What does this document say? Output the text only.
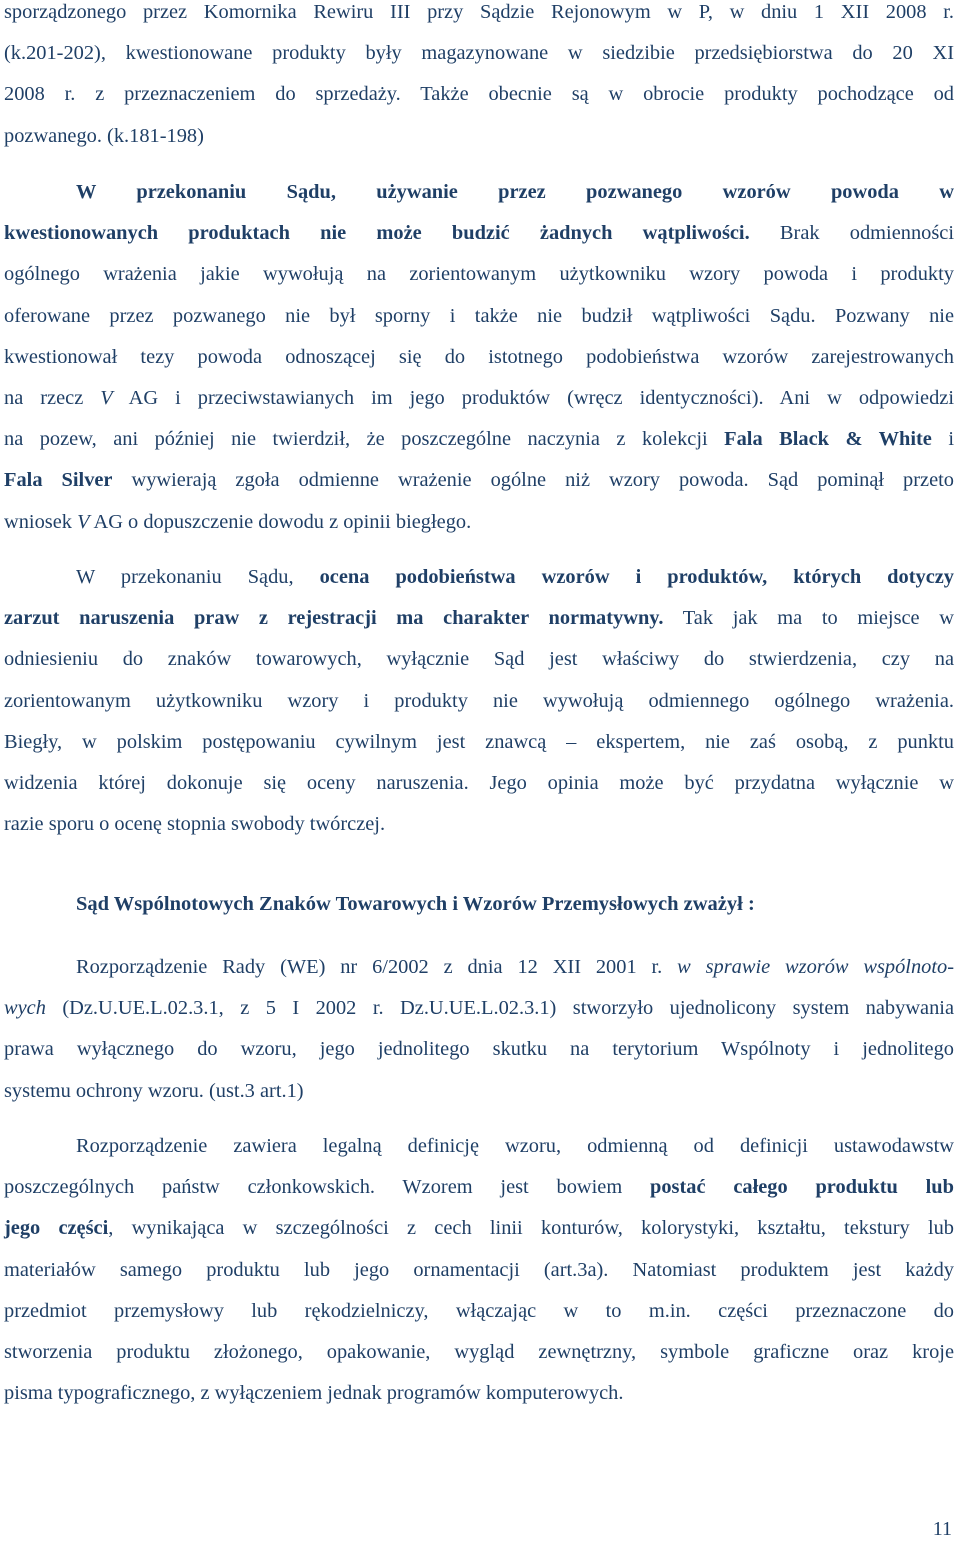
sporządzonego przez Komornika Rewiru III przy Sądzie Rejonowym w P, w dniu 1 XII 2008 r.
(k.201-202), kwestionowane produkty były magazynowane w siedzibie przedsiębiorstwa do 20 XI
2008 r. z przeznaczeniem do sprzedaży. Także obecnie są w obrocie produkty pochodzące od
pozwanego. (k.181-198)
W przekonaniu Sądu, używanie przez pozwanego wzorów powoda w
kwestionowanych produktach nie może budzić żadnych wątpliwości. Brak odmienności
ogólnego wrażenia jakie wywołują na zorientowanym użytkowniku wzory powoda i produkty
oferowane przez pozwanego nie był sporny i także nie budził wątpliwości Sądu. Pozwany nie
kwestionował tezy powoda odnoszącej się do istotnego podobieństwa wzorów zarejestrowanych
na rzecz V AG i przeciwstawianych im jego produktów (wręcz identyczności). Ani w odpowiedzi
na pozew, ani później nie twierdził, że poszczególne naczynia z kolekcji Fala Black & White i
Fala Silver wywierają zgoła odmienne wrażenie ogólne niż wzory powoda. Sąd pominął przeto
wniosek V AG o dopuszczenie dowodu z opinii biegłego.
W przekonaniu Sądu, ocena podobieństwa wzorów i produktów, których dotyczy
zarzut naruszenia praw z rejestracji ma charakter normatywny. Tak jak ma to miejsce w
odniesieniu do znaków towarowych, wyłącznie Sąd jest właściwy do stwierdzenia, czy na
zorientowanym użytkowniku wzory i produkty nie wywołują odmiennego ogólnego wrażenia.
Biegły, w polskim postępowaniu cywilnym jest znawcą – ekspertem, nie zaś osobą, z punktu
widzenia której dokonuje się oceny naruszenia. Jego opinia może być przydatna wyłącznie w
razie sporu o ocenę stopnia swobody twórczej.
Sąd Wspólnotowych Znaków Towarowych i Wzorów Przemysłowych zważył :
Rozporządzenie Rady (WE) nr 6/2002 z dnia 12 XII 2001 r. w sprawie wzorów wspólnoto-
wych (Dz.U.UE.L.02.3.1, z 5 I 2002 r. Dz.U.UE.L.02.3.1) stworzyło ujednolicony system nabywania
prawa wyłącznego do wzoru, jego jednolitego skutku na terytorium Wspólnoty i jednolitego
systemu ochrony wzoru. (ust.3 art.1)
Rozporządzenie zawiera legalną definicję wzoru, odmienną od definicji ustawodawstw
poszczególnych państw członkowskich. Wzorem jest bowiem postać całego produktu lub
jego części, wynikająca w szczególności z cech linii konturów, kolorystyki, kształtu, tekstury lub
materiałów samego produktu lub jego ornamentacji (art.3a). Natomiast produktem jest każdy
przedmiot przemysłowy lub rękodzielniczy, włączając w to m.in. części przeznaczone do
stworzenia produktu złożonego, opakowanie, wygląd zewnętrzny, symbole graficzne oraz kroje
pisma typograficznego, z wyłączeniem jednak programów komputerowych.
11
